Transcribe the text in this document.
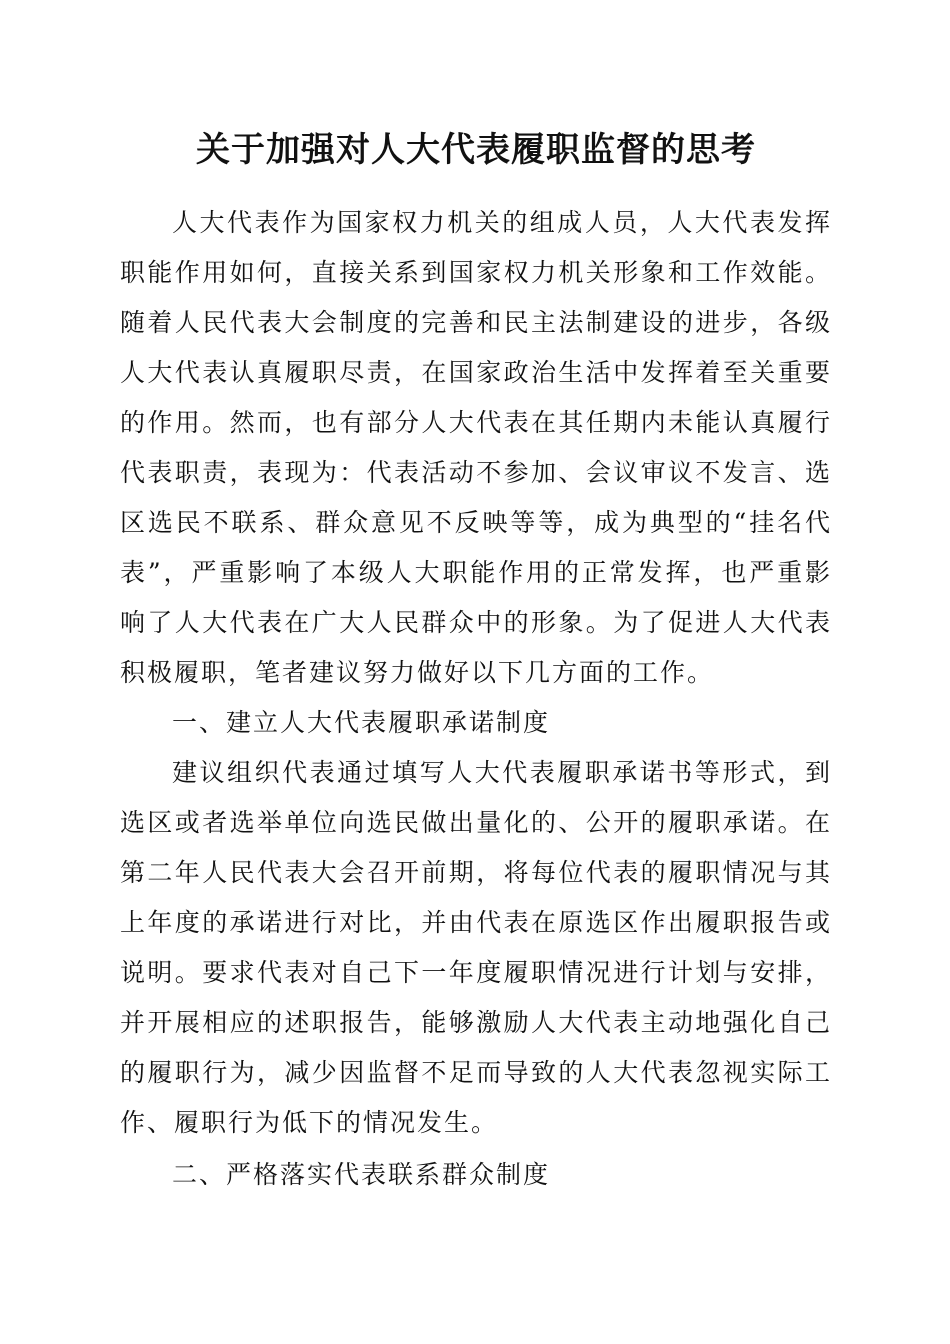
关于加强对人大代表履职监督的思考

人大代表作为国家权力机关的组成人员，人大代表发挥职能作用如何，直接关系到国家权力机关形象和工作效能。随着人民代表大会制度的完善和民主法制建设的进步，各级人大代表认真履职尽责，在国家政治生活中发挥着至关重要的作用。然而，也有部分人大代表在其任期内未能认真履行代表职责，表现为：代表活动不参加、会议审议不发言、选区选民不联系、群众意见不反映等等，成为典型的“挂名代表”，严重影响了本级人大职能作用的正常发挥，也严重影响了人大代表在广大人民群众中的形象。为了促进人大代表积极履职，笔者建议努力做好以下几方面的工作。

一、建立人大代表履职承诺制度

建议组织代表通过填写人大代表履职承诺书等形式，到选区或者选举单位向选民做出量化的、公开的履职承诺。在第二年人民代表大会召开前期，将每位代表的履职情况与其上年度的承诺进行对比，并由代表在原选区作出履职报告或说明。要求代表对自己下一年度履职情况进行计划与安排，并开展相应的述职报告，能够激励人大代表主动地强化自己的履职行为，减少因监督不足而导致的人大代表忽视实际工作、履职行为低下的情况发生。

二、严格落实代表联系群众制度
